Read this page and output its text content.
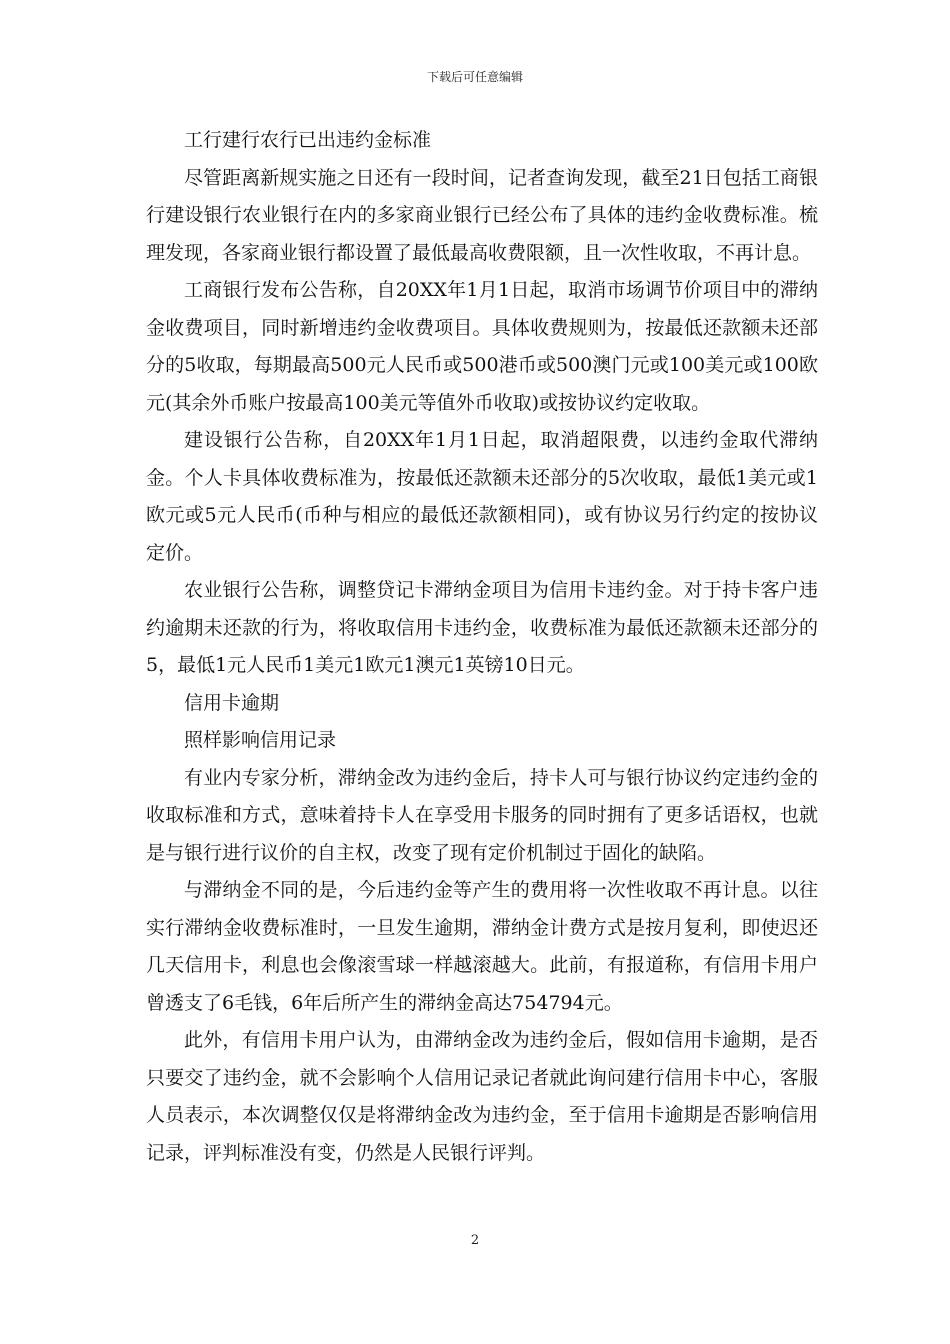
下载后可任意编辑

工行建行农行已出违约金标准

尽管距离新规实施之日还有一段时间，记者查询发现，截至21日包括工商银行建设银行农业银行在内的多家商业银行已经公布了具体的违约金收费标准。梳理发现，各家商业银行都设置了最低最高收费限额，且一次性收取，不再计息。

工商银行发布公告称，自20XX年1月1日起，取消市场调节价项目中的滞纳金收费项目，同时新增违约金收费项目。具体收费规则为，按最低还款额未还部分的5收取，每期最高500元人民币或500港币或500澳门元或100美元或100欧元(其余外币账户按最高100美元等值外币收取)或按协议约定收取。

建设银行公告称，自20XX年1月1日起，取消超限费，以违约金取代滞纳金。个人卡具体收费标准为，按最低还款额未还部分的5次收取，最低1美元或1欧元或5元人民币(币种与相应的最低还款额相同)，或有协议另行约定的按协议定价。

农业银行公告称，调整贷记卡滞纳金项目为信用卡违约金。对于持卡客户违约逾期未还款的行为，将收取信用卡违约金，收费标准为最低还款额未还部分的5，最低1元人民币1美元1欧元1澳元1英镑10日元。

信用卡逾期

照样影响信用记录

有业内专家分析，滞纳金改为违约金后，持卡人可与银行协议约定违约金的收取标准和方式，意味着持卡人在享受用卡服务的同时拥有了更多话语权，也就是与银行进行议价的自主权，改变了现有定价机制过于固化的缺陷。

与滞纳金不同的是，今后违约金等产生的费用将一次性收取不再计息。以往实行滞纳金收费标准时，一旦发生逾期，滞纳金计费方式是按月复利，即使迟还几天信用卡，利息也会像滚雪球一样越滚越大。此前，有报道称，有信用卡用户曾透支了6毛钱，6年后所产生的滞纳金高达754794元。

此外，有信用卡用户认为，由滞纳金改为违约金后，假如信用卡逾期，是否只要交了违约金，就不会影响个人信用记录记者就此询问建行信用卡中心，客服人员表示，本次调整仅仅是将滞纳金改为违约金，至于信用卡逾期是否影响信用记录，评判标准没有变，仍然是人民银行评判。

2
